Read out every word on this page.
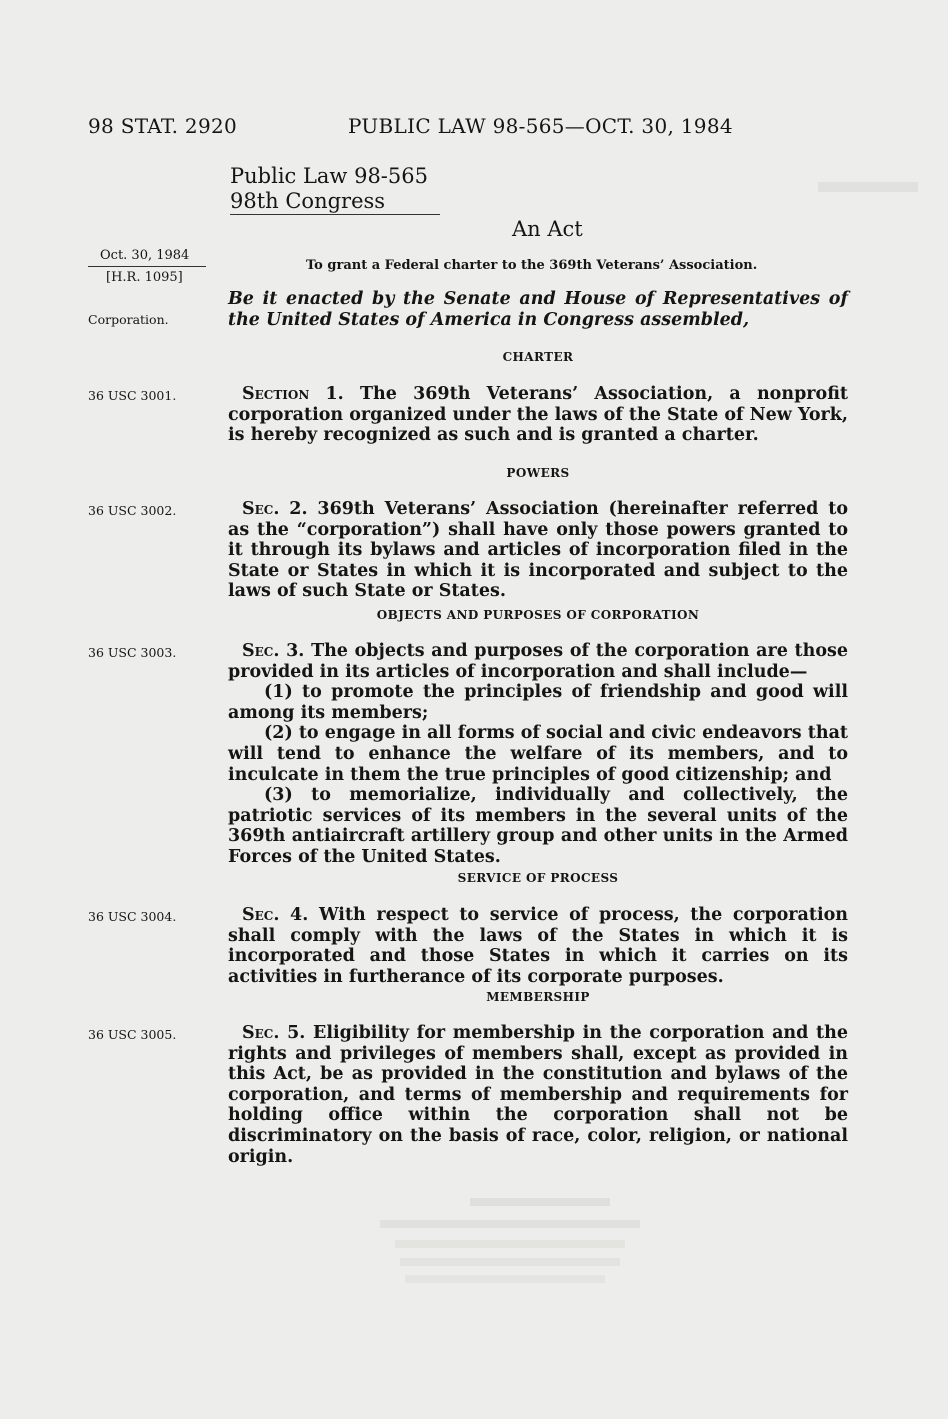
98 STAT. 2920	PUBLIC LAW 98-565—OCT. 30, 1984
Public Law 98-565
98th Congress
An Act
To grant a Federal charter to the 369th Veterans’ Association.
Oct. 30, 1984
[H.R. 1095]
Corporation.
36 USC 3001.
36 USC 3002.
36 USC 3003.
36 USC 3004.
36 USC 3005.
Be it enacted by the Senate and House of Representatives of the United States of America in Congress assembled,
CHARTER
Section 1. The 369th Veterans’ Association, a nonprofit corporation organized under the laws of the State of New York, is hereby recognized as such and is granted a charter.
POWERS
Sec. 2. 369th Veterans’ Association (hereinafter referred to as the “corporation”) shall have only those powers granted to it through its bylaws and articles of incorporation filed in the State or States in which it is incorporated and subject to the laws of such State or States.
OBJECTS AND PURPOSES OF CORPORATION
Sec. 3. The objects and purposes of the corporation are those provided in its articles of incorporation and shall include—
(1) to promote the principles of friendship and good will among its members;
(2) to engage in all forms of social and civic endeavors that will tend to enhance the welfare of its members, and to inculcate in them the true principles of good citizenship; and
(3) to memorialize, individually and collectively, the patriotic services of its members in the several units of the 369th antiaircraft artillery group and other units in the Armed Forces of the United States.
SERVICE OF PROCESS
Sec. 4. With respect to service of process, the corporation shall comply with the laws of the States in which it is incorporated and those States in which it carries on its activities in furtherance of its corporate purposes.
MEMBERSHIP
Sec. 5. Eligibility for membership in the corporation and the rights and privileges of members shall, except as provided in this Act, be as provided in the constitution and bylaws of the corporation, and terms of membership and requirements for holding office within the corporation shall not be discriminatory on the basis of race, color, religion, or national origin.
